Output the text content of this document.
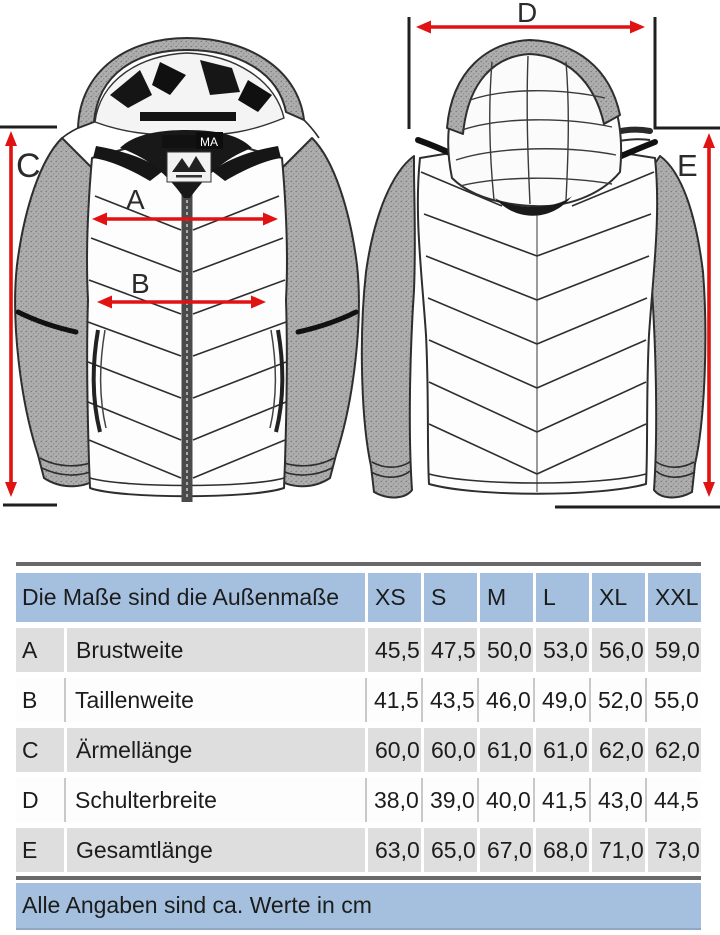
MA
C
A
B
D
E
Die Maße sind die Außenmaße	XS	S	M	L	XL	XXL
A	Brustweite	45,5 47,5 50,0 53,0 56,0 59,0
B	Taillenweite	41,5 43,5 46,0 49,0 52,0 55,0
C	Ärmellänge	60,0 60,0 61,0 61,0 62,0 62,0
D	Schulterbreite	38,0 39,0 40,0 41,5 43,0 44,5
E	Gesamtlänge	63,0 65,0 67,0 68,0 71,0 73,0
Alle Angaben sind ca. Werte in cm
